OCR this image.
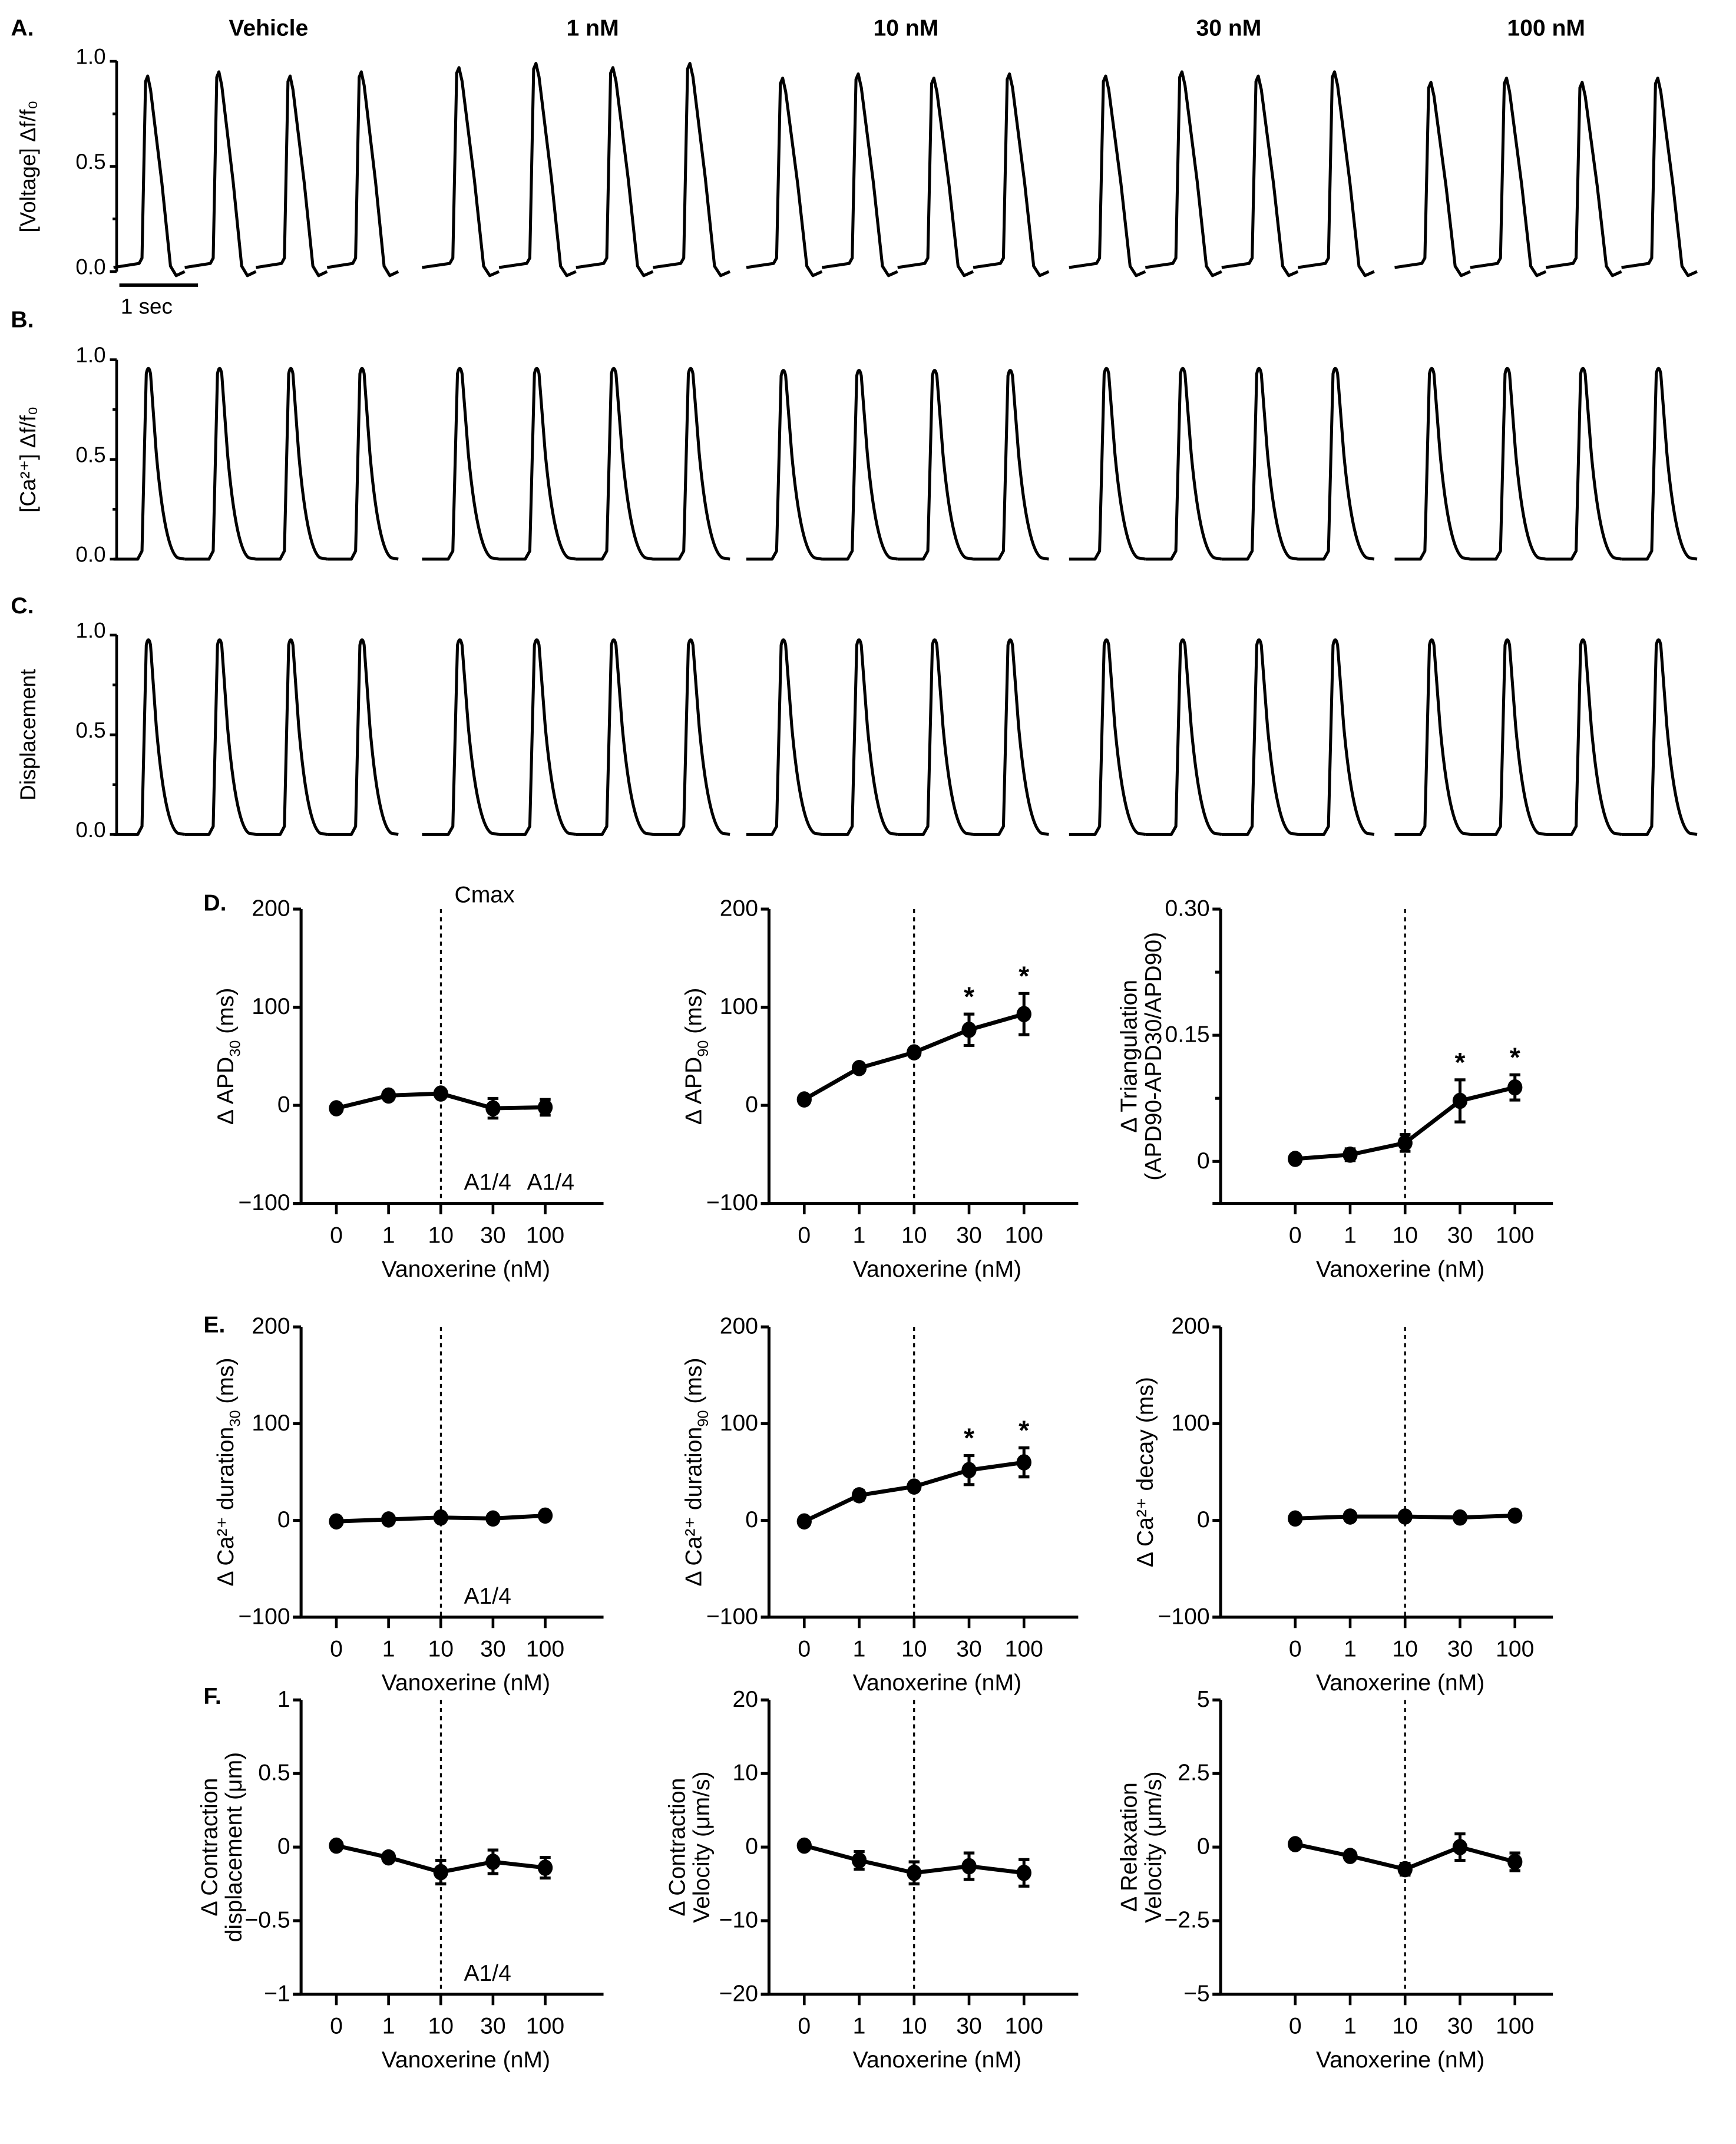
A.
B.
C.
D.
E.
F.
Vehicle	1 nM	10 nM	30 nM	100 nM
0.0
0.5
1.0
[Voltage] Δf/f₀
0.0
0.5
1.0
[Ca²⁺] Δf/f₀
0.0
0.5
1.0
Displacement
1 sec
−100
0
100
200
0	1	10	30 100
Vanoxerine (nM)
Δ $APD_{30}$ (ms)
Cmax
A1/4 A1/4
−100
0
100
200
0	1	10	30 100
Vanoxerine (nM)
Δ $APD_{90}$ (ms)	*
*
0
0.15
0.30
0	1	10	30 100
Vanoxerine (nM)
Δ Triangulation
(APD90-APD30/APD90)	*	*
−100
0
100
200
0	1	10	30 100
Vanoxerine (nM)
Δ Ca²⁺ duration$_{30}$ (ms)
A1/4
−100
0
100
200
0	1	10	30 100
Vanoxerine (nM)
Δ Ca²⁺ duration$_{90}$ (ms)
*	*
−100
0
100
200
0	1	10	30 100
Vanoxerine (nM)
Δ Ca²⁺ decay (ms)
−1
−0.5
0
0.5
1
0	1	10	30 100
Vanoxerine (nM)
Δ Contraction
displacement (μm)
A1/4
−20
−10
0
10
20
0	1	10	30 100
Vanoxerine (nM)
Δ Contraction
Velocity (μm/s)
−5
−2.5
0
2.5
5
0	1	10	30 100
Vanoxerine (nM)
Δ Relaxation
Velocity (μm/s)
